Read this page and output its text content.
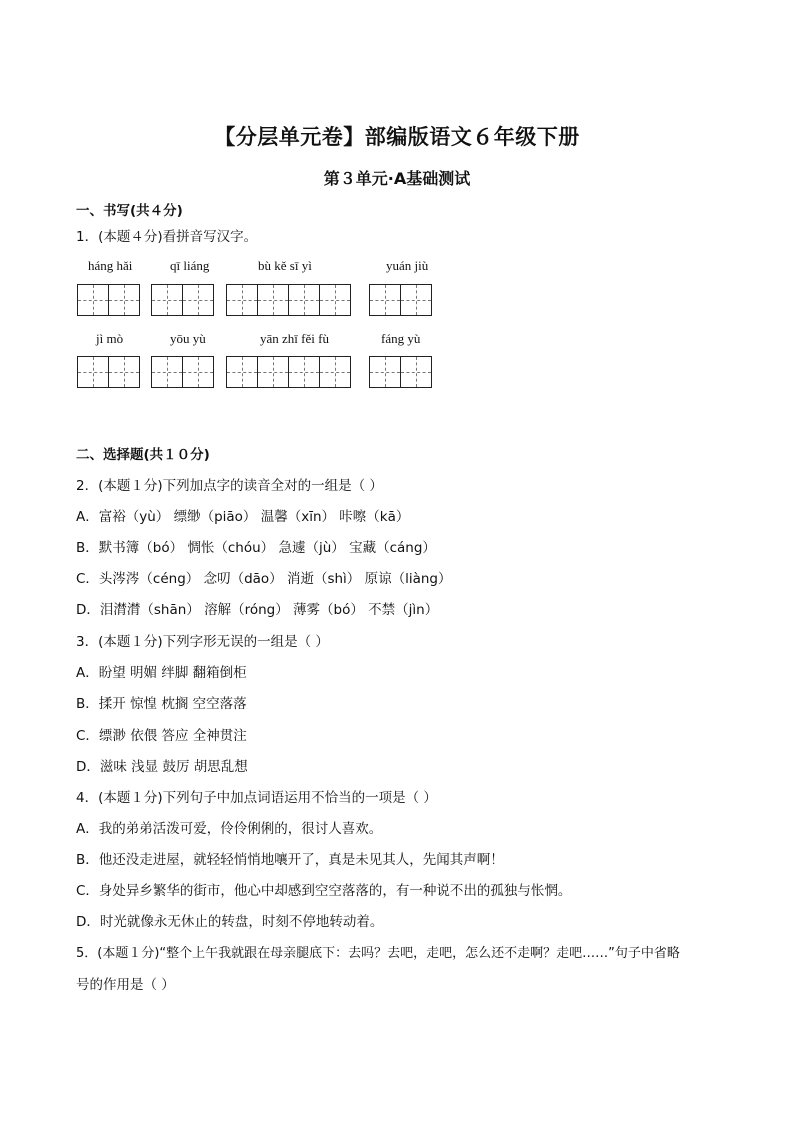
【分层单元卷】部编版语文６年级下册
第３单元·A基础测试
一、书写(共４分)
1．(本题４分)看拼音写汉字。
háng hǎi	qī liáng	bù kě sī yì	yuán jiù
jì mò	yōu yù	yān zhī fěi fù	fáng yù
二、选择题(共１０分)
2．(本题１分)下列加点字的读音全对的一组是（ ）
A．富裕（yù） 缥缈（piāo） 温馨（xīn） 咔嚓（kā）
B．默书簿（bó） 惆怅（chóu） 急遽（jù） 宝藏（cáng）
C．头涔涔（céng） 念叨（dāo） 消逝（shì） 原谅（liàng）
D．泪潸潸（shān） 溶解（róng） 薄雾（bó） 不禁（jìn）
3．(本题１分)下列字形无误的一组是（ ）
A．盼望 明媚 绊脚 翻箱倒柜
B．揉开 惊惶 枕搁 空空落落
C．缥渺 依偎 答应 全神贯注
D．滋味 浅显 鼓厉 胡思乱想
4．(本题１分)下列句子中加点词语运用不恰当的一项是（ ）
A．我的弟弟活泼可爱，伶伶俐俐的，很讨人喜欢。
B．他还没走进屋，就轻轻悄悄地嚷开了，真是未见其人，先闻其声啊！
C．身处异乡繁华的街市，他心中却感到空空落落的，有一种说不出的孤独与怅惘。
D．时光就像永无休止的转盘，时刻不停地转动着。
5．(本题１分)“整个上午我就跟在母亲腿底下：去吗？去吧，走吧，怎么还不走啊？走吧……”句子中省略
号的作用是（ ）
